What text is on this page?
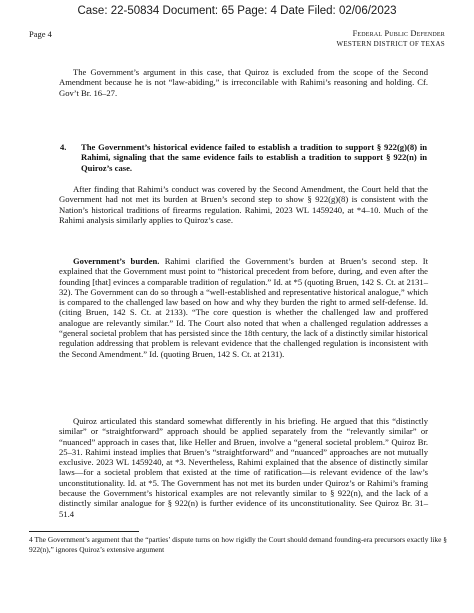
Case: 22-50834 Document: 65 Page: 4 Date Filed: 02/06/2023
Page 4	Federal Public Defender
WESTERN DISTRICT OF TEXAS

The Government’s argument in this case, that Quiroz is excluded from the scope of the Second Amendment because he is not “law-abiding,” is irreconcilable with Rahimi’s reasoning and holding. Cf. Gov’t Br. 16–27.

4. The Government’s historical evidence failed to establish a tradition to support § 922(g)(8) in Rahimi, signaling that the same evidence fails to establish a tradition to support § 922(n) in Quiroz’s case.

After finding that Rahimi’s conduct was covered by the Second Amendment, the Court held that the Government had not met its burden at Bruen’s second step to show § 922(g)(8) is consistent with the Nation’s historical traditions of firearms regulation. Rahimi, 2023 WL 1459240, at *4–10. Much of the Rahimi analysis similarly applies to Quiroz’s case.

Government’s burden. Rahimi clarified the Government’s burden at Bruen’s second step. It explained that the Government must point to “historical precedent from before, during, and even after the founding [that] evinces a comparable tradition of regulation.” Id. at *5 (quoting Bruen, 142 S. Ct. at 2131–32). The Government can do so through a “well-established and representative historical analogue,” which is compared to the challenged law based on how and why they burden the right to armed self-defense. Id. (citing Bruen, 142 S. Ct. at 2133). “The core question is whether the challenged law and proffered analogue are relevantly similar.” Id. The Court also noted that when a challenged regulation addresses a “general societal problem that has persisted since the 18th century, the lack of a distinctly similar historical regulation addressing that problem is relevant evidence that the challenged regulation is inconsistent with the Second Amendment.” Id. (quoting Bruen, 142 S. Ct. at 2131).

Quiroz articulated this standard somewhat differently in his briefing. He argued that this “distinctly similar” or “straightforward” approach should be applied separately from the “relevantly similar” or “nuanced” approach in cases that, like Heller and Bruen, involve a “general societal problem.” Quiroz Br. 25–31. Rahimi instead implies that Bruen’s “straightforward” and “nuanced” approaches are not mutually exclusive. 2023 WL 1459240, at *3. Nevertheless, Rahimi explained that the absence of distinctly similar laws—for a societal problem that existed at the time of ratification—is relevant evidence of the law’s unconstitutionality. Id. at *5. The Government has not met its burden under Quiroz’s or Rahimi’s framing because the Government’s historical examples are not relevantly similar to § 922(n), and the lack of a distinctly similar analogue for § 922(n) is further evidence of its unconstitutionality. See Quiroz Br. 31–51.4

4 The Government’s argument that the “parties’ dispute turns on how rigidly the Court should demand founding-era precursors exactly like § 922(n),” ignores Quiroz’s extensive argument
